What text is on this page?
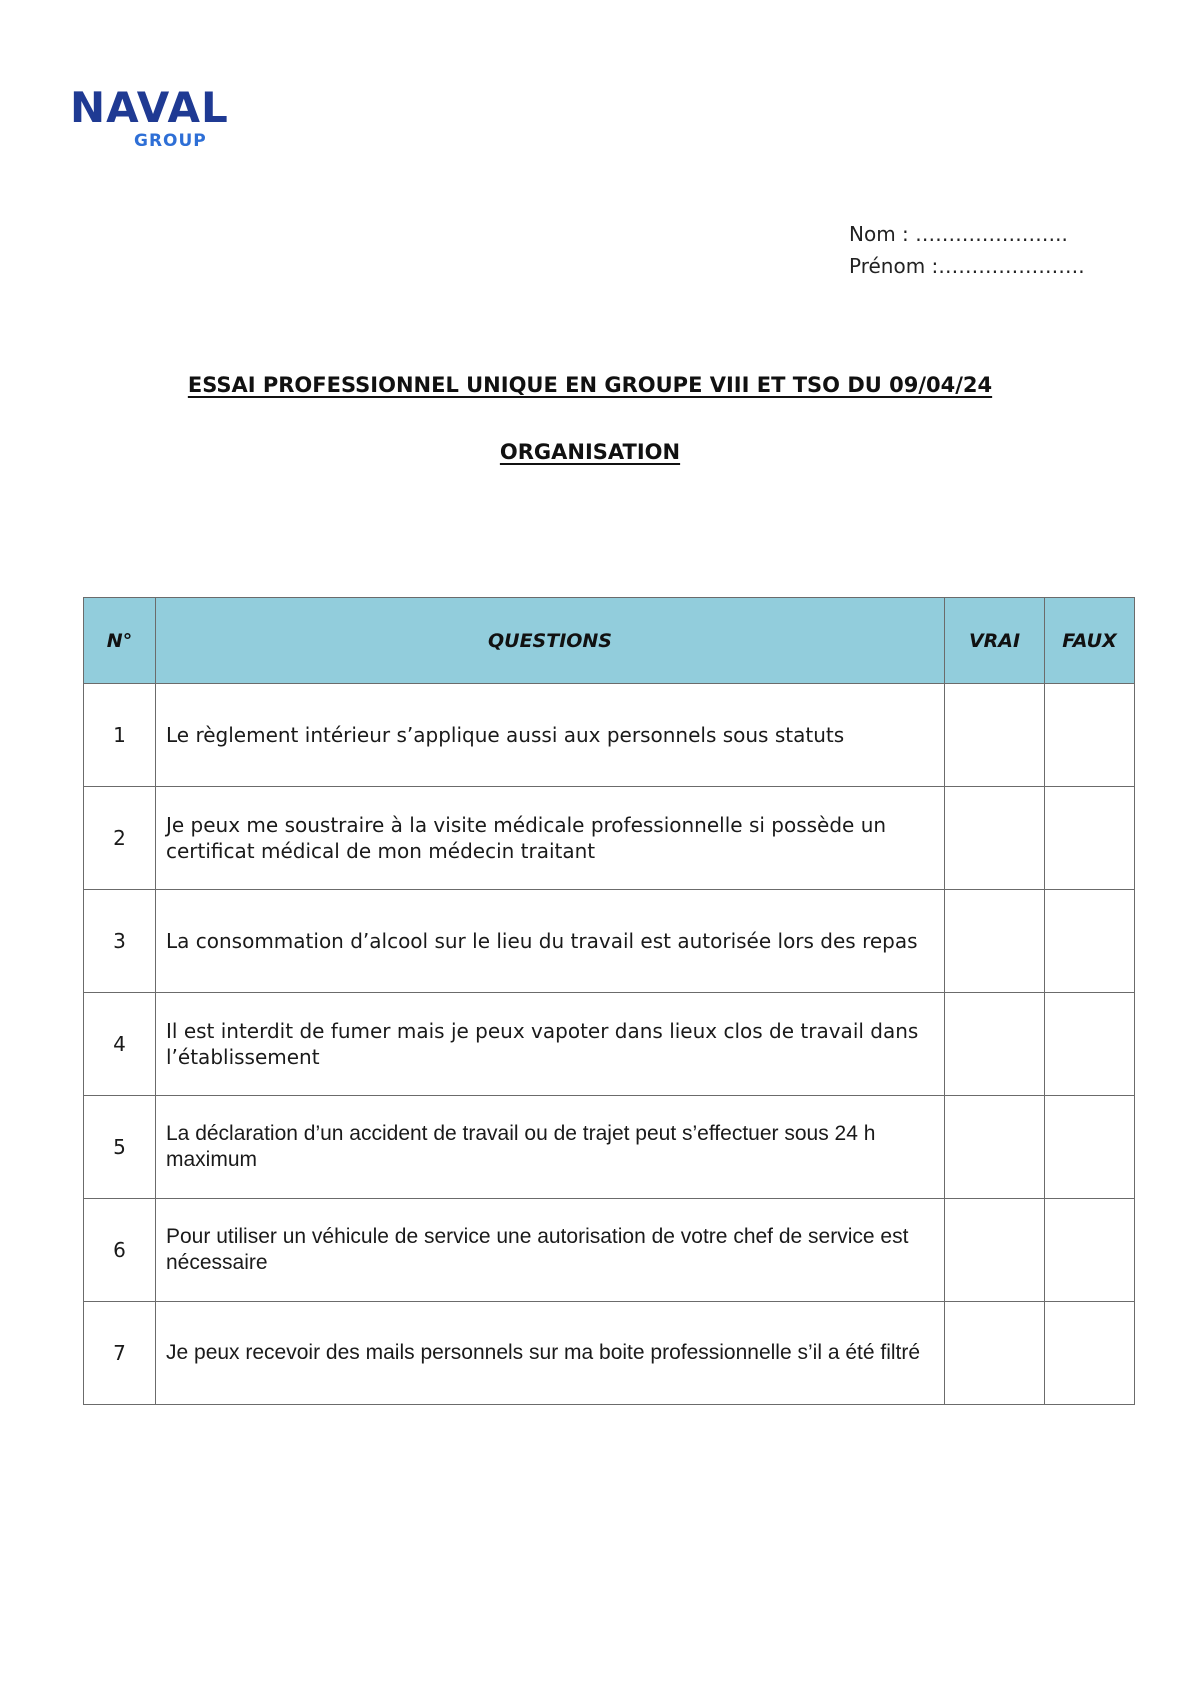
NAVAL
GROUP
Nom : …………………..
Prénom :………………….
ESSAI PROFESSIONNEL UNIQUE EN GROUPE VIII ET TSO DU 09/04/24
ORGANISATION
N°	QUESTIONS	VRAI	FAUX
1	Le règlement intérieur s’applique aussi aux personnels sous statuts		
2	Je peux me soustraire à la visite médicale professionnelle si possède un certificat médical de mon médecin traitant		
3	La consommation d’alcool sur le lieu du travail est autorisée lors des repas		
4	Il est interdit de fumer mais je peux vapoter dans lieux clos de travail dans l’établissement		
5	La déclaration d’un accident de travail ou de trajet peut s’effectuer sous 24 h maximum		
6	Pour utiliser un véhicule de service une autorisation de votre chef de service est nécessaire		
7	Je peux recevoir des mails personnels sur ma boite professionnelle s’il a été filtré		
